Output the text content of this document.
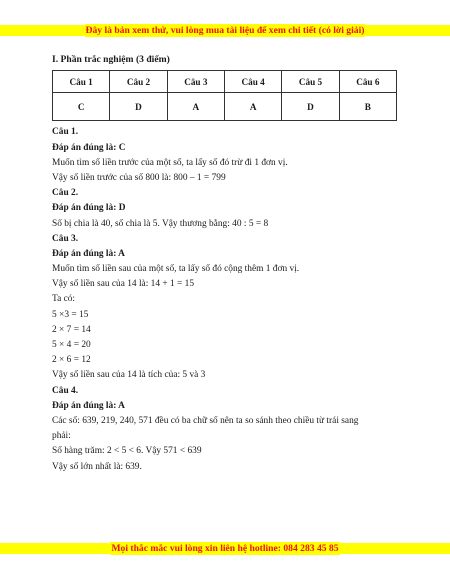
Đây là bản xem thử, vui lòng mua tài liệu để xem chi tiết (có lời giải)
I. Phần trắc nghiệm (3 điểm)
Câu 1	Câu 2	Câu 3	Câu 4	Câu 5	Câu 6
C	D	A	A	D	B
Câu 1.
Đáp án đúng là: C
Muốn tìm số liền trước của một số, ta lấy số đó trừ đi 1 đơn vị.
Vậy số liền trước của số 800 là: 800 – 1 = 799
Câu 2.
Đáp án đúng là: D
Số bị chia là 40, số chia là 5. Vậy thương bằng: 40 : 5 = 8
Câu 3.
Đáp án đúng là: A
Muốn tìm số liền sau của một số, ta lấy số đó cộng thêm 1 đơn vị.
Vậy số liền sau của 14 là: 14 + 1 = 15
Ta có:
5 ×3 = 15
2 × 7 = 14
5 × 4 = 20
2 × 6 = 12
Vậy số liền sau của 14 là tích của: 5 và 3
Câu 4.
Đáp án đúng là: A
Các số: 639, 219, 240, 571 đều có ba chữ số nên ta so sánh theo chiều từ trái sang
phải:
Số hàng trăm: 2 < 5 < 6. Vậy 571 < 639
Vậy số lớn nhất là: 639.
Mọi thắc mắc vui lòng xin liên hệ hotline: 084 283 45 85
